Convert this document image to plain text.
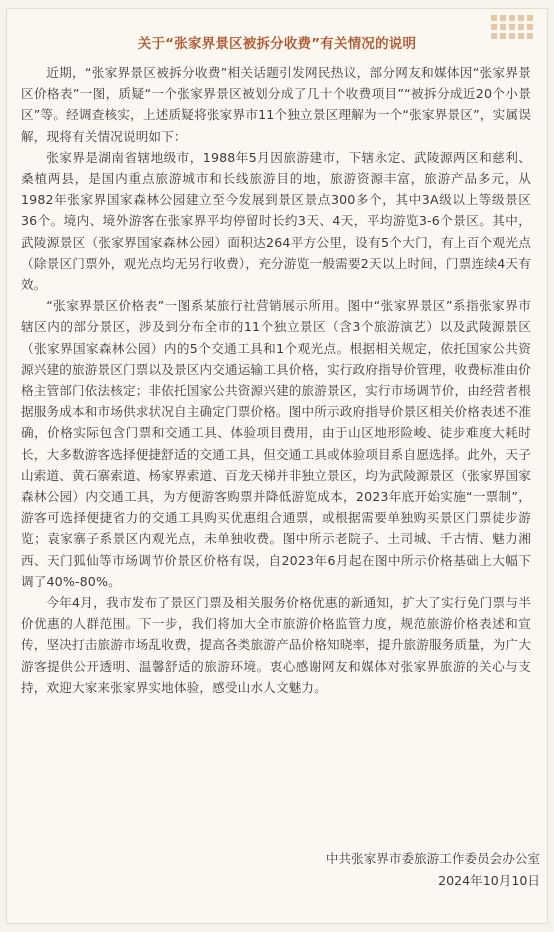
关于“张家界景区被拆分收费”有关情况的说明

近期，“张家界景区被拆分收费”相关话题引发网民热议，部分网友和媒体因“张家界景区价格表”一图，质疑“一个张家界景区被划分成了几十个收费项目”“被拆分成近20个小景区”等。经调查核实，上述质疑将张家界市11个独立景区理解为一个“张家界景区”，实属误解，现将有关情况说明如下：

张家界是湖南省辖地级市，1988年5月因旅游建市，下辖永定、武陵源两区和慈利、桑植两县，是国内重点旅游城市和长线旅游目的地，旅游资源丰富，旅游产品多元，从1982年张家界国家森林公园建立至今发展到景区景点300多个，其中3A级以上等级景区36个。境内、境外游客在张家界平均停留时长约3天、4天，平均游览3-6个景区。其中，武陵源景区（张家界国家森林公园）面积达264平方公里，设有5个大门，有上百个观光点（除景区门票外，观光点均无另行收费），充分游览一般需要2天以上时间，门票连续4天有效。

“张家界景区价格表”一图系某旅行社营销展示所用。图中“张家界景区”系指张家界市辖区内的部分景区，涉及到分布全市的11个独立景区（含3个旅游演艺）以及武陵源景区（张家界国家森林公园）内的5个交通工具和1个观光点。根据相关规定，依托国家公共资源兴建的旅游景区门票以及景区内交通运输工具价格，实行政府指导价管理，收费标准由价格主管部门依法核定；非依托国家公共资源兴建的旅游景区，实行市场调节价，由经营者根据服务成本和市场供求状况自主确定门票价格。图中所示政府指导价景区相关价格表述不准确，价格实际包含门票和交通工具、体验项目费用，由于山区地形险峻、徒步难度大耗时长，大多数游客选择便捷舒适的交通工具，但交通工具或体验项目系自愿选择。此外，天子山索道、黄石寨索道、杨家界索道、百龙天梯并非独立景区，均为武陵源景区（张家界国家森林公园）内交通工具，为方便游客购票并降低游览成本，2023年底开始实施“一票制”，游客可选择便捷省力的交通工具购买优惠组合通票，或根据需要单独购买景区门票徒步游览；袁家寨子系景区内观光点，未单独收费。图中所示老院子、土司城、千古情、魅力湘西、天门狐仙等市场调节价景区价格有误，自2023年6月起在图中所示价格基础上大幅下调了40%-80%。

今年4月，我市发布了景区门票及相关服务价格优惠的新通知，扩大了实行免门票与半价优惠的人群范围。下一步，我们将加大全市旅游价格监管力度，规范旅游价格表述和宣传，坚决打击旅游市场乱收费，提高各类旅游产品价格知晓率，提升旅游服务质量，为广大游客提供公开透明、温馨舒适的旅游环境。衷心感谢网友和媒体对张家界旅游的关心与支持，欢迎大家来张家界实地体验，感受山水人文魅力。

中共张家界市委旅游工作委员会办公室
2024年10月10日
